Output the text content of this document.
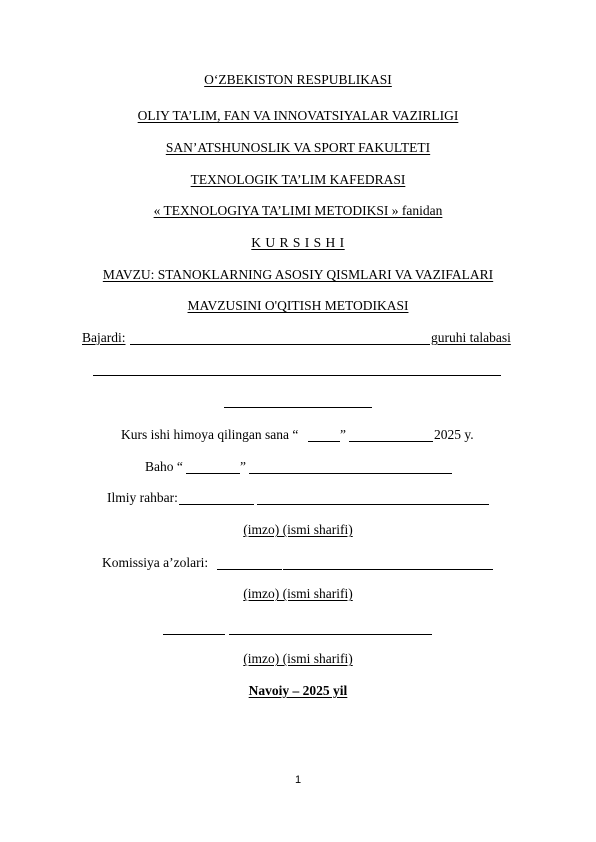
O‘ZBEKISTON RESPUBLIKASI
OLIY TA’LIM, FAN VA INNOVATSIYALAR VAZIRLIGI
SAN’ATSHUNOSLIK VA SPORT FAKULTETI
TEXNOLOGIK TA’LIM KAFEDRASI
« TEXNOLOGIYA TA’LIMI METODIKSI » fanidan
K U R S I S H I
MAVZU: STANOKLARNING ASOSIY QISMLARI VA VAZIFALARI
MAVZUSINI O'QITISH METODIKASI
Bajardi:	guruhi talabasi
Kurs ishi himoya qilingan sana “	”	2025 y.
Baho “	”
Ilmiy rahbar:
(imzo) (ismi sharifi)
Komissiya a’zolari:
(imzo) (ismi sharifi)
(imzo) (ismi sharifi)
Navoiy – 2025 yil
1
